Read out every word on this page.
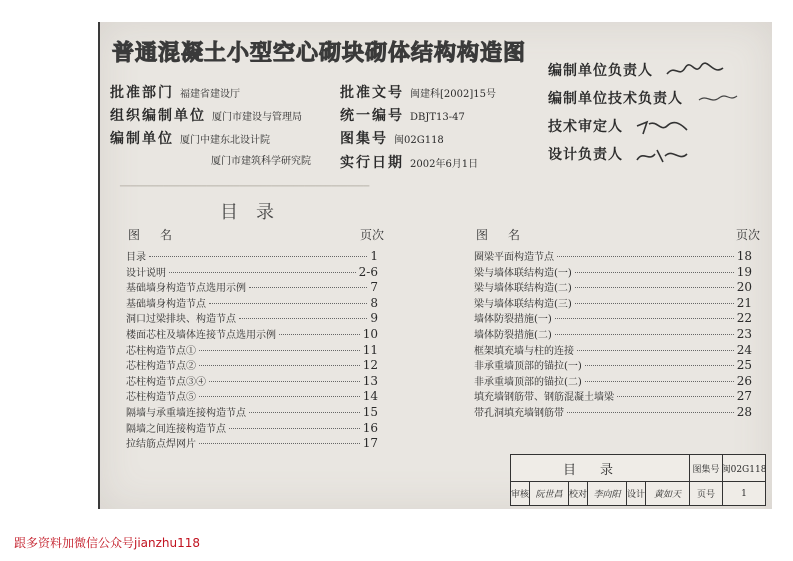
普通混凝土小型空心砌块砌体结构构造图
批准部门 福建省建设厅
组织编制单位 厦门市建设与管理局
编制单位 厦门中建东北设计院
厦门市建筑科学研究院
批准文号 闽建科[2002]15号
统一编号 DBJT13-47
图集号 闽02G118
实行日期 2002年6月1日
编制单位负责人
编制单位技术负责人
技术审定人
设计负责人
━━━━━━━━━━━━━━━━━━━━━━━━━━━━━━━━━━━━━━━━━━━━━━
目录
图名	页次	图名	页次
目录	1
设计说明	2-6
基础墙身构造节点选用示例	7
基础墙身构造节点	8
洞口过梁排块、构造节点	9
楼面芯柱及墙体连接节点选用示例	10
芯柱构造节点①	11
芯柱构造节点②	12
芯柱构造节点③④	13
芯柱构造节点⑤	14
隔墙与承重墙连接构造节点	15
隔墙之间连接构造节点	16
拉结筋点焊网片	17
圈梁平面构造节点	18
梁与墙体联结构造(一)	19
梁与墙体联结构造(二)	20
梁与墙体联结构造(三)	21
墙体防裂措施(一)	22
墙体防裂措施(二)	23
框架填充墙与柱的连接	24
非承重墙顶部的锚拉(一)	25
非承重墙顶部的锚拉(二)	26
填充墙钢筋带、钢筋混凝土墙梁	27
带孔洞填充墙钢筋带	28
目录	图集号 闽02G118
审核 阮世昌 校对 李向阳 设计 黄如天	页号	1
跟多资料加微信公众号jianzhu118
